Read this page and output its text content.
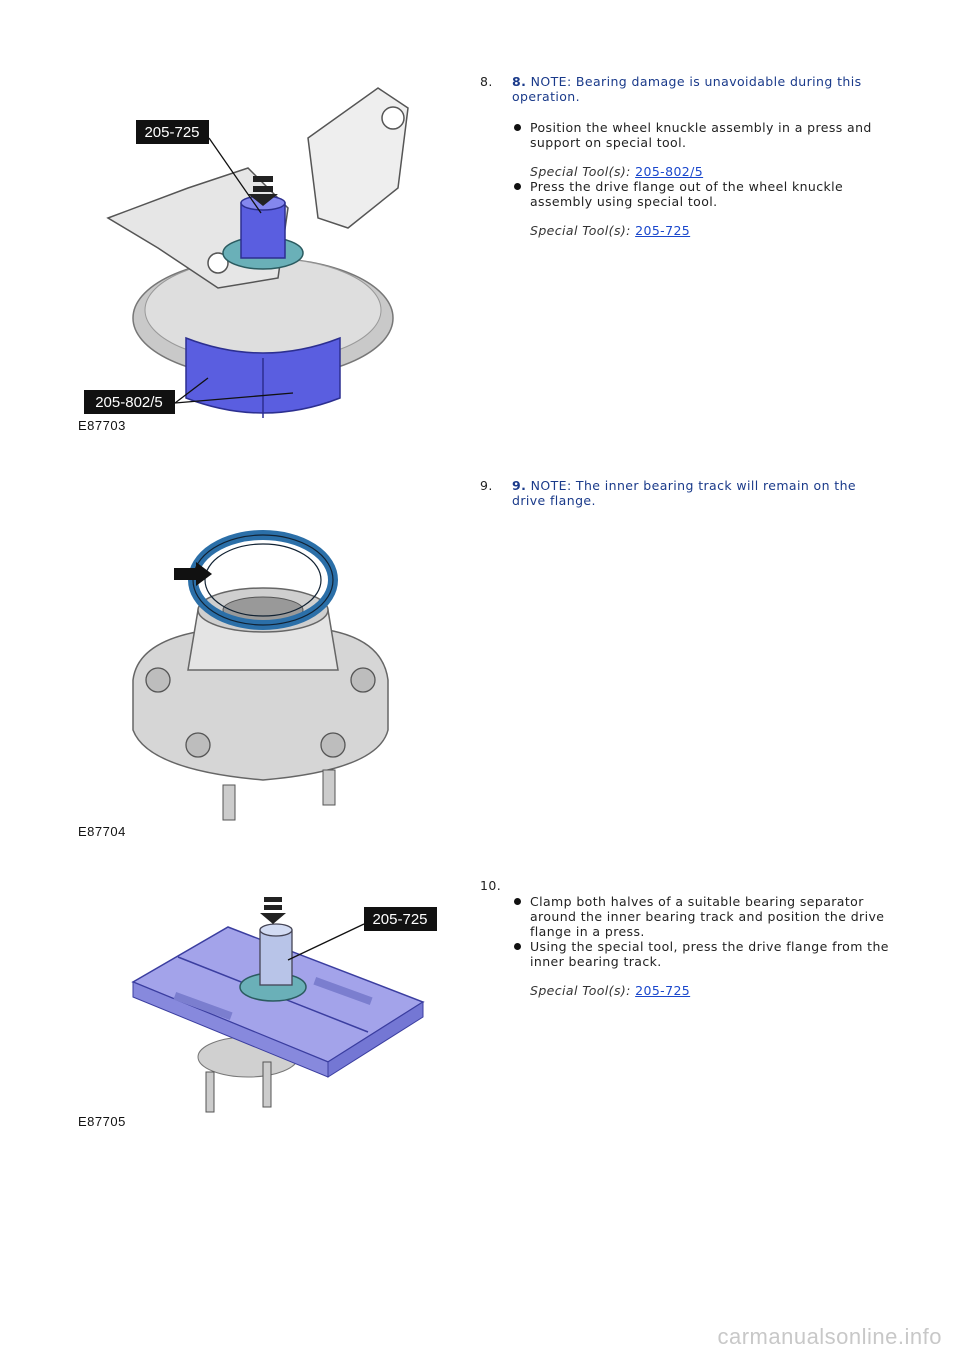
205-725
205-802/5
E87703
8. 8. NOTE: Bearing damage is unavoidable during this operation.
Position the wheel knuckle assembly in a press and support on special tool.
Special Tool(s): 205-802/5
Press the drive flange out of the wheel knuckle assembly using special tool.
Special Tool(s): 205-725
E87704
9. 9. NOTE: The inner bearing track will remain on the drive flange.
205-725
E87705
10.
Clamp both halves of a suitable bearing separator around the inner bearing track and position the drive flange in a press.
Using the special tool, press the drive flange from the inner bearing track.
Special Tool(s): 205-725
carmanualsonline.info
